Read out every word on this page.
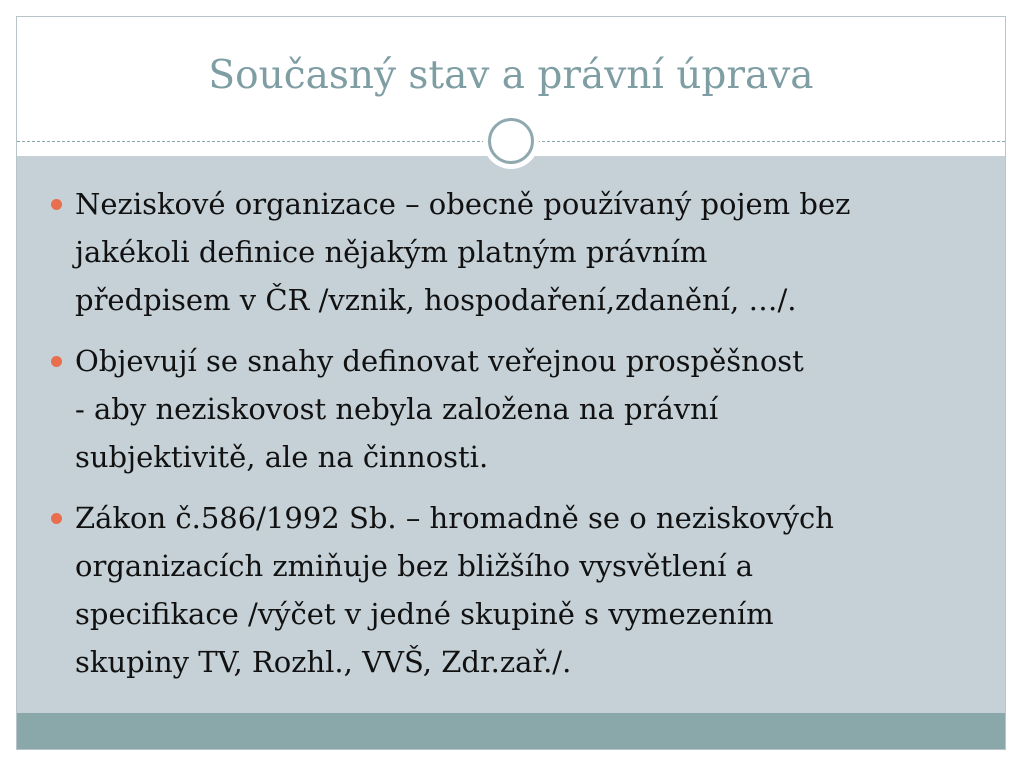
Současný stav a právní úprava
Neziskové organizace – obecně používaný pojem bez
jakékoli definice nějakým platným právním
předpisem v ČR /vznik, hospodaření,zdanění, …/.
Objevují se snahy definovat veřejnou prospěšnost
- aby neziskovost nebyla založena na právní
subjektivitě, ale na činnosti.
Zákon č.586/1992 Sb. – hromadně se o neziskových
organizacích zmiňuje bez bližšího vysvětlení a
specifikace /výčet v jedné skupině s vymezením
skupiny TV, Rozhl., VVŠ, Zdr.zař./.
